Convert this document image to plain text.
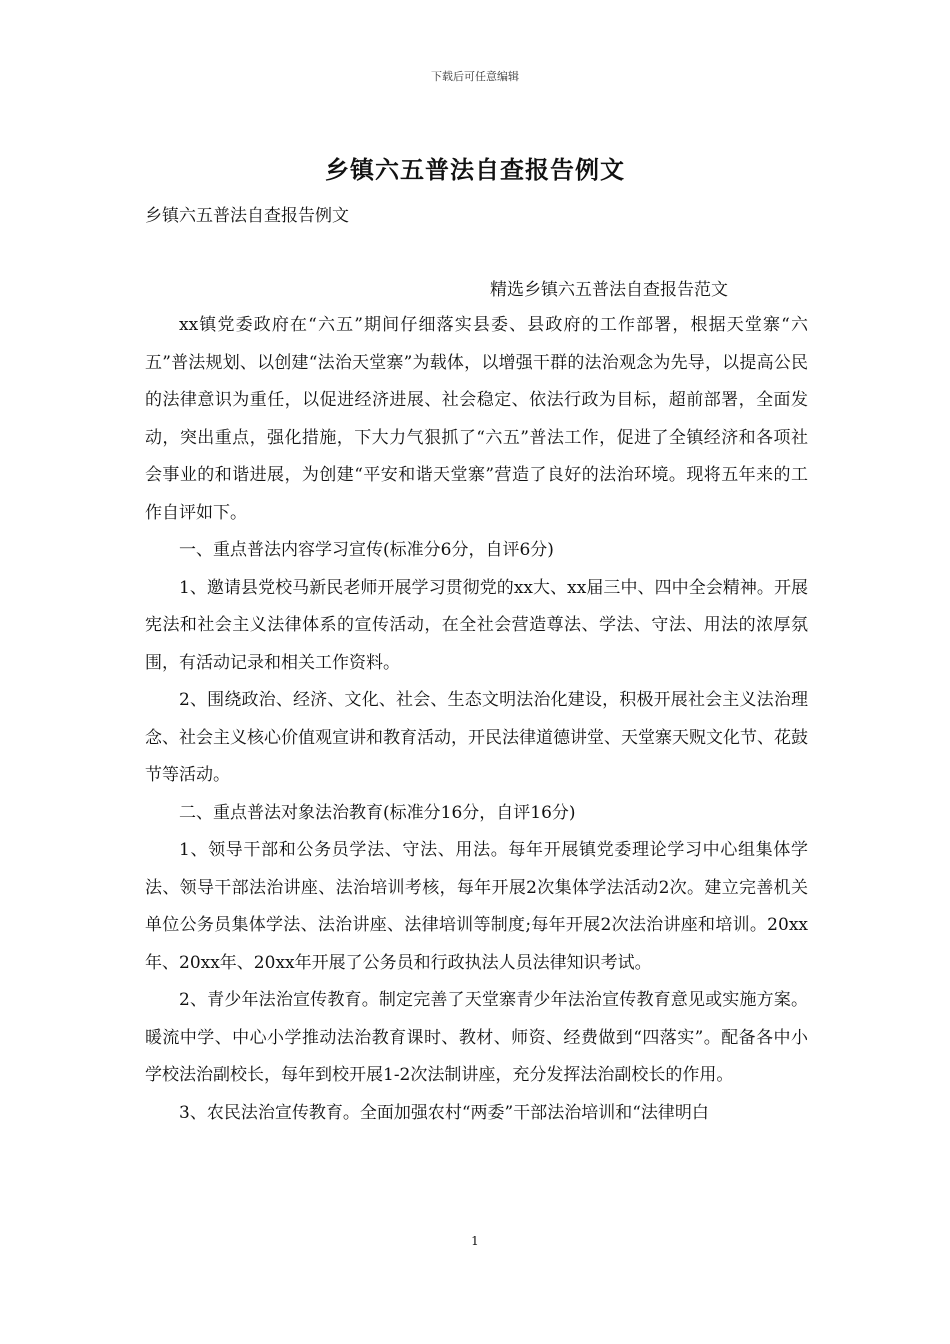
下载后可任意编辑
乡镇六五普法自查报告例文
乡镇六五普法自查报告例文
精选乡镇六五普法自查报告范文

xx镇党委政府在“六五”期间仔细落实县委、县政府的工作部署，根据天堂寨“六五”普法规划、以创建“法治天堂寨”为载体，以增强干群的法治观念为先导，以提高公民的法律意识为重任，以促进经济进展、社会稳定、依法行政为目标，超前部署，全面发动，突出重点，强化措施，下大力气狠抓了“六五”普法工作，促进了全镇经济和各项社会事业的和谐进展，为创建“平安和谐天堂寨”营造了良好的法治环境。现将五年来的工作自评如下。

一、重点普法内容学习宣传(标准分6分，自评6分)

1、邀请县党校马新民老师开展学习贯彻党的xx大、xx届三中、四中全会精神。开展宪法和社会主义法律体系的宣传活动，在全社会营造尊法、学法、守法、用法的浓厚氛围，有活动记录和相关工作资料。

2、围绕政治、经济、文化、社会、生态文明法治化建设，积极开展社会主义法治理念、社会主义核心价值观宣讲和教育活动，开民法律道德讲堂、天堂寨天贶文化节、花鼓节等活动。

二、重点普法对象法治教育(标准分16分，自评16分)

1、领导干部和公务员学法、守法、用法。每年开展镇党委理论学习中心组集体学法、领导干部法治讲座、法治培训考核，每年开展2次集体学法活动2次。建立完善机关单位公务员集体学法、法治讲座、法律培训等制度;每年开展2次法治讲座和培训。20xx年、20xx年、20xx年开展了公务员和行政执法人员法律知识考试。

2、青少年法治宣传教育。制定完善了天堂寨青少年法治宣传教育意见或实施方案。暖流中学、中心小学推动法治教育课时、教材、师资、经费做到“四落实”。配备各中小学校法治副校长，每年到校开展1-2次法制讲座，充分发挥法治副校长的作用。

3、农民法治宣传教育。全面加强农村“两委”干部法治培训和“法律明白

1
